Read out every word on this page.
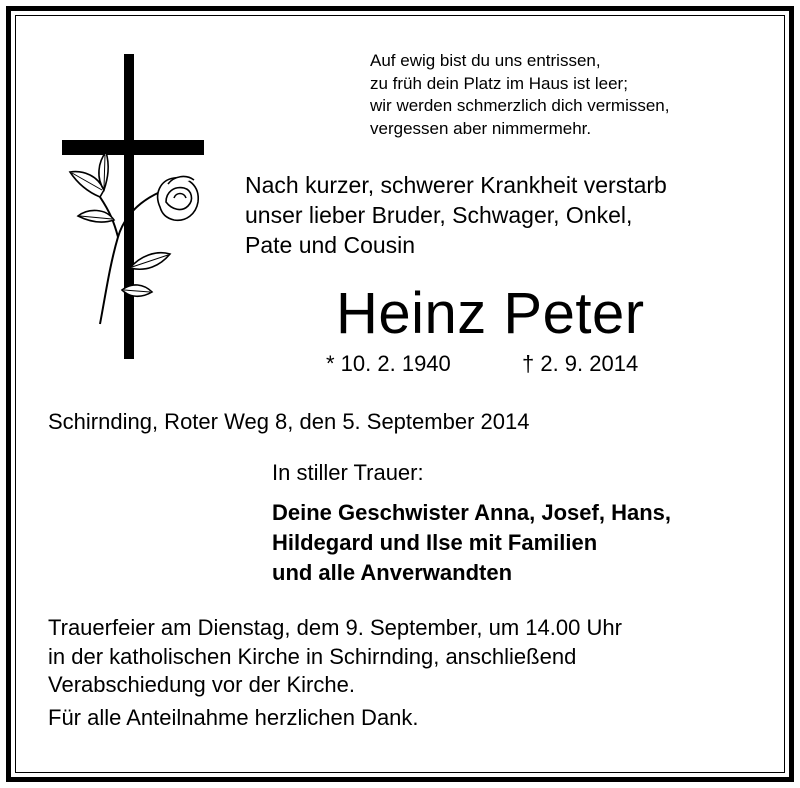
Auf ewig bist du uns entrissen,
zu früh dein Platz im Haus ist leer;
wir werden schmerzlich dich vermissen,
vergessen aber nimmermehr.
Nach kurzer, schwerer Krankheit verstarb
unser lieber Bruder, Schwager, Onkel,
Pate und Cousin
Heinz Peter
* 10. 2. 1940	† 2. 9. 2014
Schirnding, Roter Weg 8, den 5. September 2014
In stiller Trauer:
Deine Geschwister Anna, Josef, Hans,
Hildegard und Ilse mit Familien
und alle Anverwandten
Trauerfeier am Dienstag, dem 9. September, um 14.00 Uhr
in der katholischen Kirche in Schirnding, anschließend
Verabschiedung vor der Kirche.
Für alle Anteilnahme herzlichen Dank.
